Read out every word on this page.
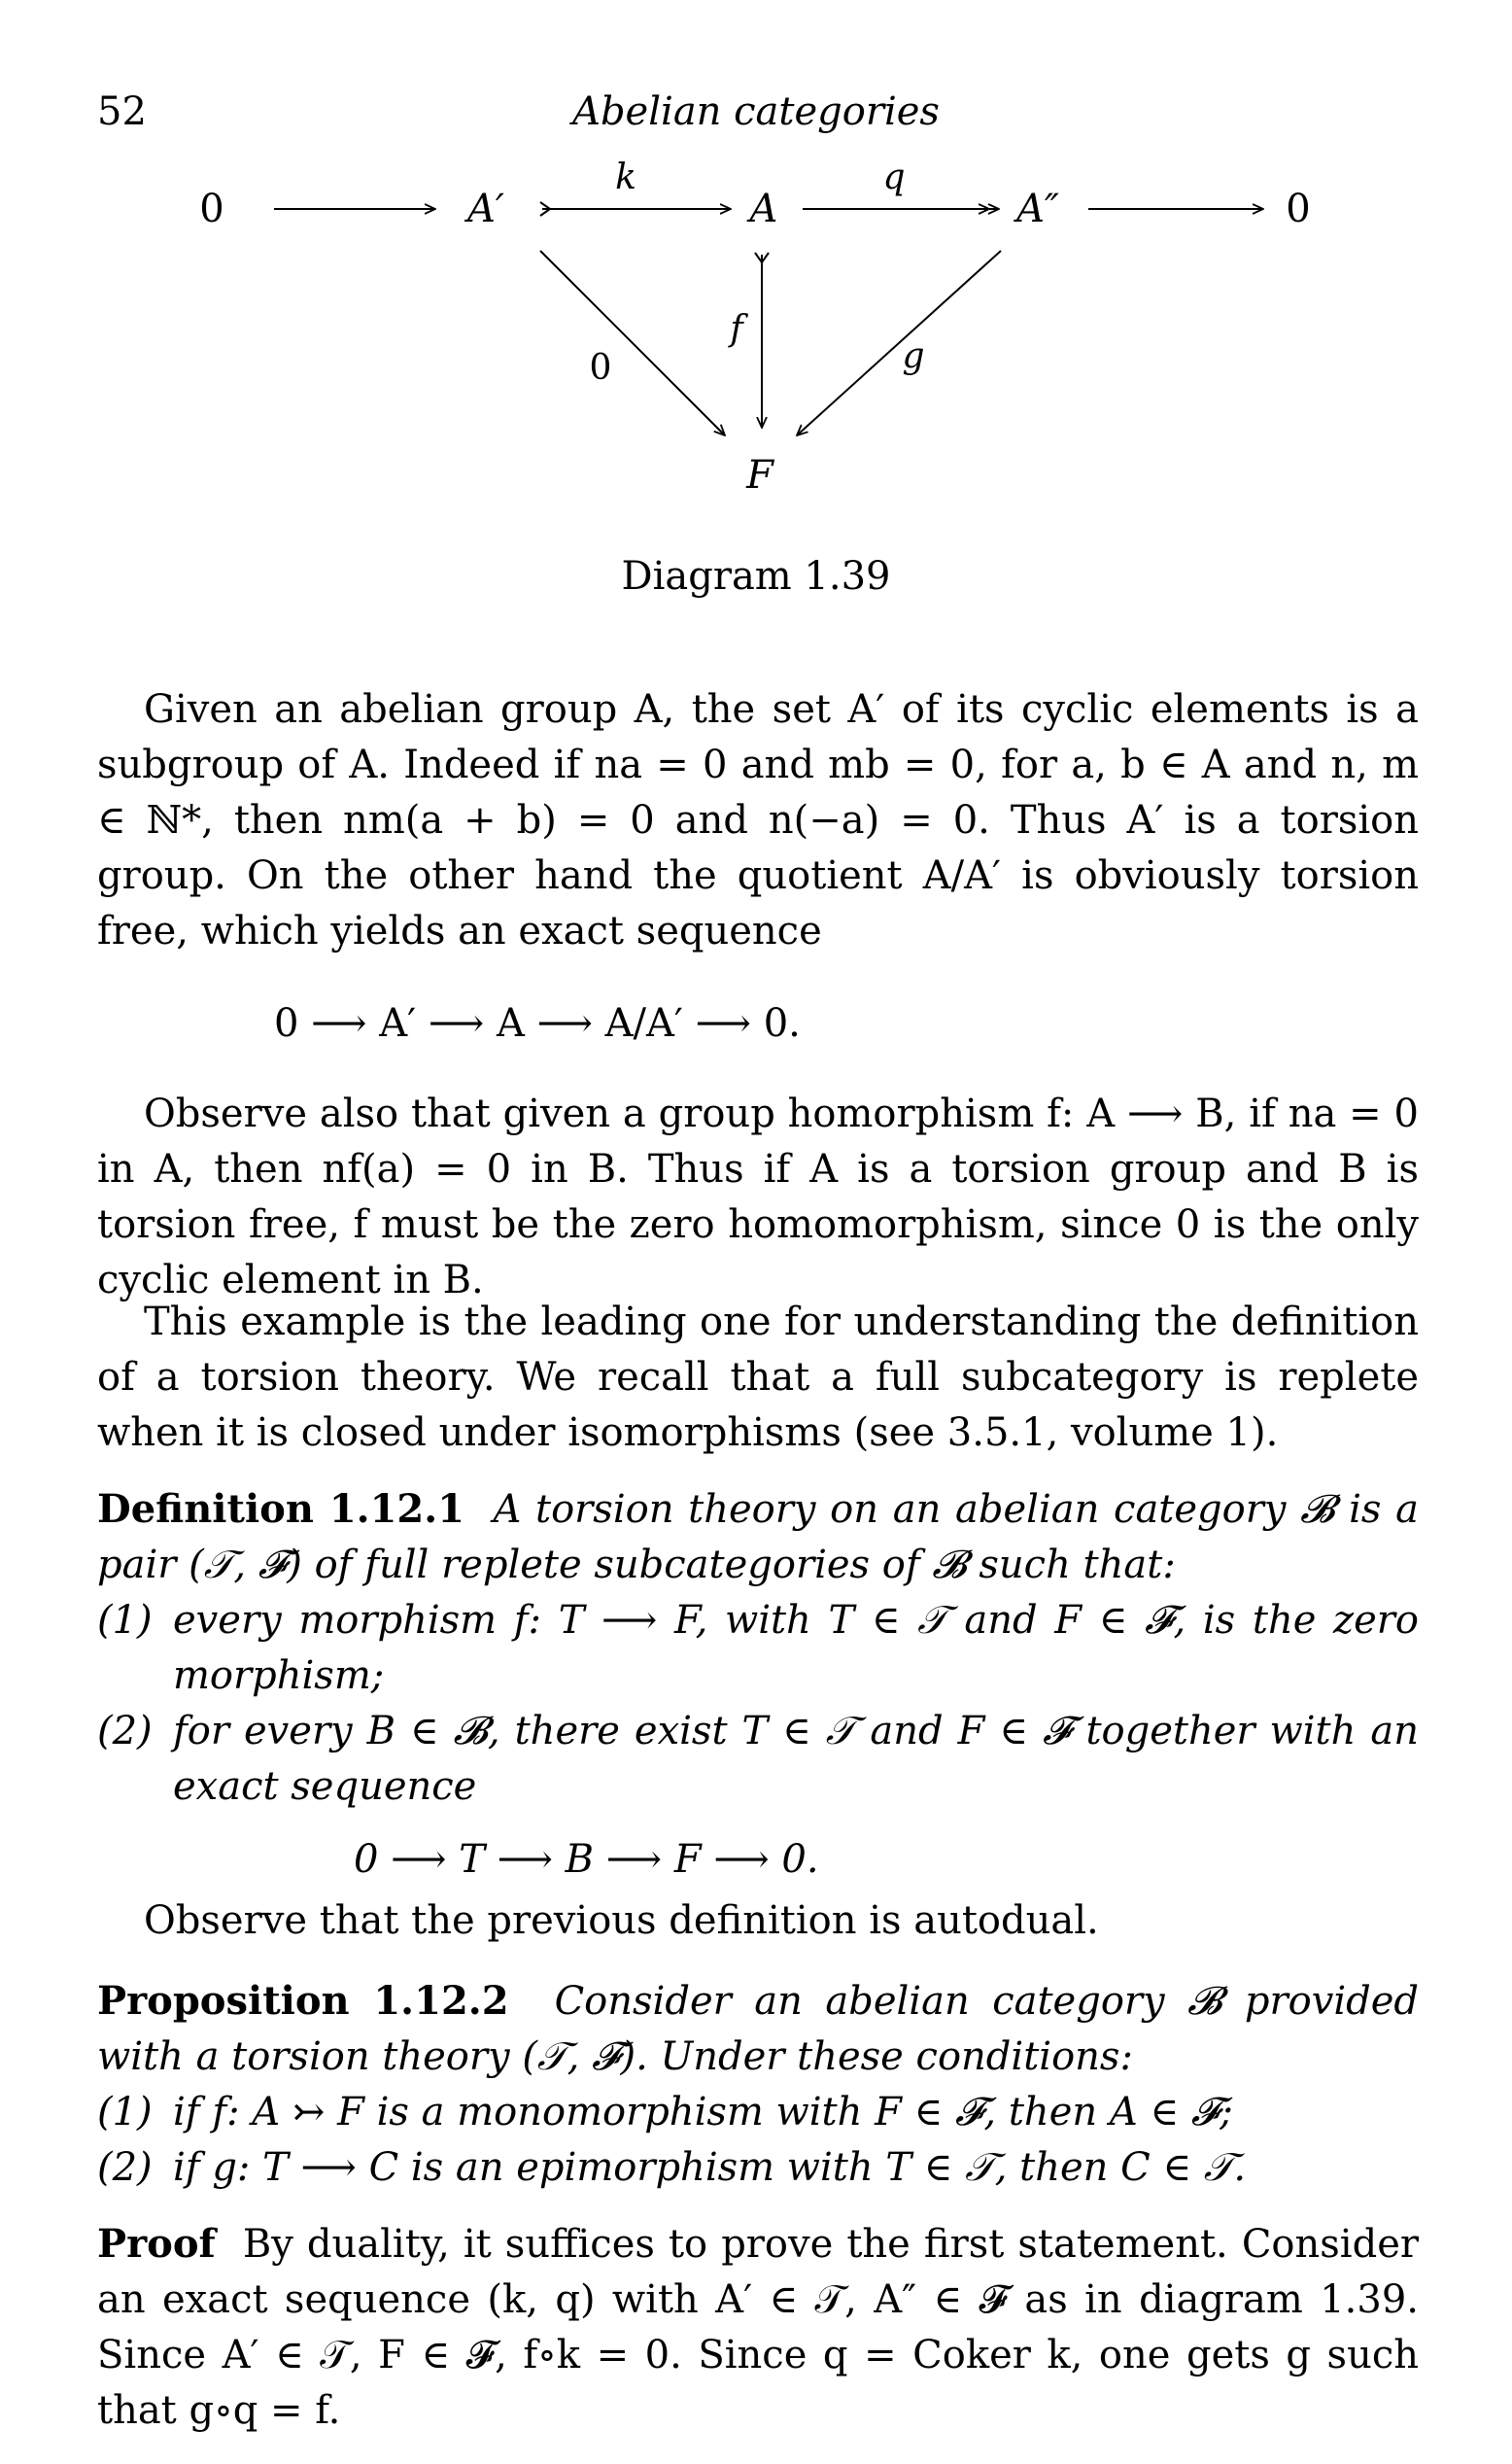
52	Abelian categories
0	A′	A	A″	0
F
k	q
f
g
0
Diagram 1.39

Given an abelian group A, the set A′ of its cyclic elements is a subgroup of A. Indeed if na = 0 and mb = 0, for a, b ∈ A and n, m ∈ ℕ*, then nm(a + b) = 0 and n(−a) = 0. Thus A′ is a torsion group. On the other hand the quotient A/A′ is obviously torsion free, which yields an exact sequence

0 ⟶ A′ ⟶ A ⟶ A/A′ ⟶ 0.

Observe also that given a group homorphism f: A ⟶ B, if na = 0 in A, then nf(a) = 0 in B. Thus if A is a torsion group and B is torsion free, f must be the zero homomorphism, since 0 is the only cyclic element in B.

This example is the leading one for understanding the definition of a torsion theory. We recall that a full subcategory is replete when it is closed under isomorphisms (see 3.5.1, volume 1).

Definition 1.12.1 A torsion theory on an abelian category 𝓑 is a pair (𝒯, 𝓕) of full replete subcategories of 𝓑 such that:

(1) every morphism f: T ⟶ F, with T ∈ 𝒯 and F ∈ 𝓕, is the zero morphism;
(2) for every B ∈ 𝓑, there exist T ∈ 𝒯 and F ∈ 𝓕 together with an exact sequence
0 ⟶ T ⟶ B ⟶ F ⟶ 0.

Observe that the previous definition is autodual.

Proposition 1.12.2 Consider an abelian category 𝓑 provided with a torsion theory (𝒯, 𝓕). Under these conditions:

(1) if f: A ↣ F is a monomorphism with F ∈ 𝓕, then A ∈ 𝓕;
(2) if g: T ⟶ C is an epimorphism with T ∈ 𝒯, then C ∈ 𝒯.

Proof By duality, it suffices to prove the first statement. Consider an exact sequence (k, q) with A′ ∈ 𝒯, A″ ∈ 𝓕 as in diagram 1.39. Since A′ ∈ 𝒯, F ∈ 𝓕, f∘k = 0. Since q = Coker k, one gets g such that g∘q = f.
